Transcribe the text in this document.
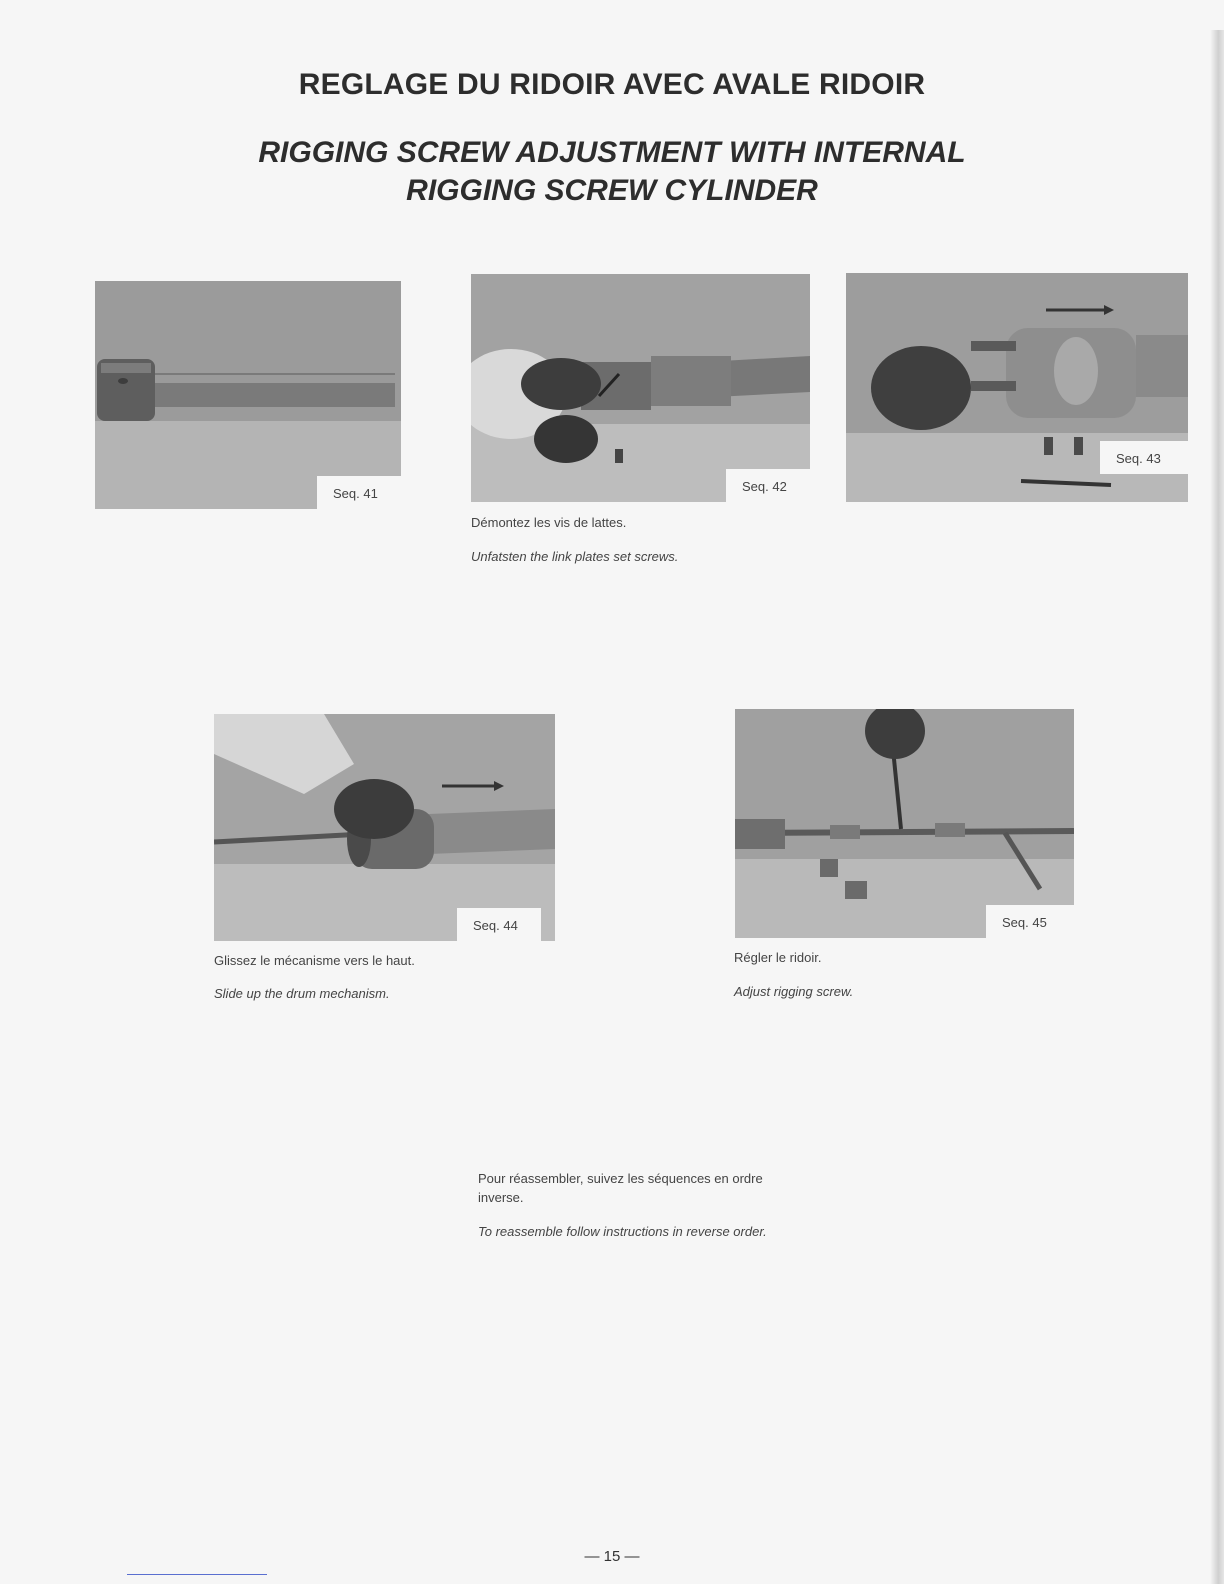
REGLAGE DU RIDOIR AVEC AVALE RIDOIR
RIGGING SCREW ADJUSTMENT WITH INTERNAL
RIGGING SCREW CYLINDER
Seq. 41	Seq. 42

Démontez les vis de lattes.

Unfatsten the link plates set screws.

Seq. 43
Seq. 44

Glissez le mécanisme vers le haut.

Slide up the drum mechanism.

Seq. 45

Régler le ridoir.

Adjust rigging screw.

Pour réassembler, suivez les séquences en ordre inverse.

To reassemble follow instructions in reverse order.

— 15 —
